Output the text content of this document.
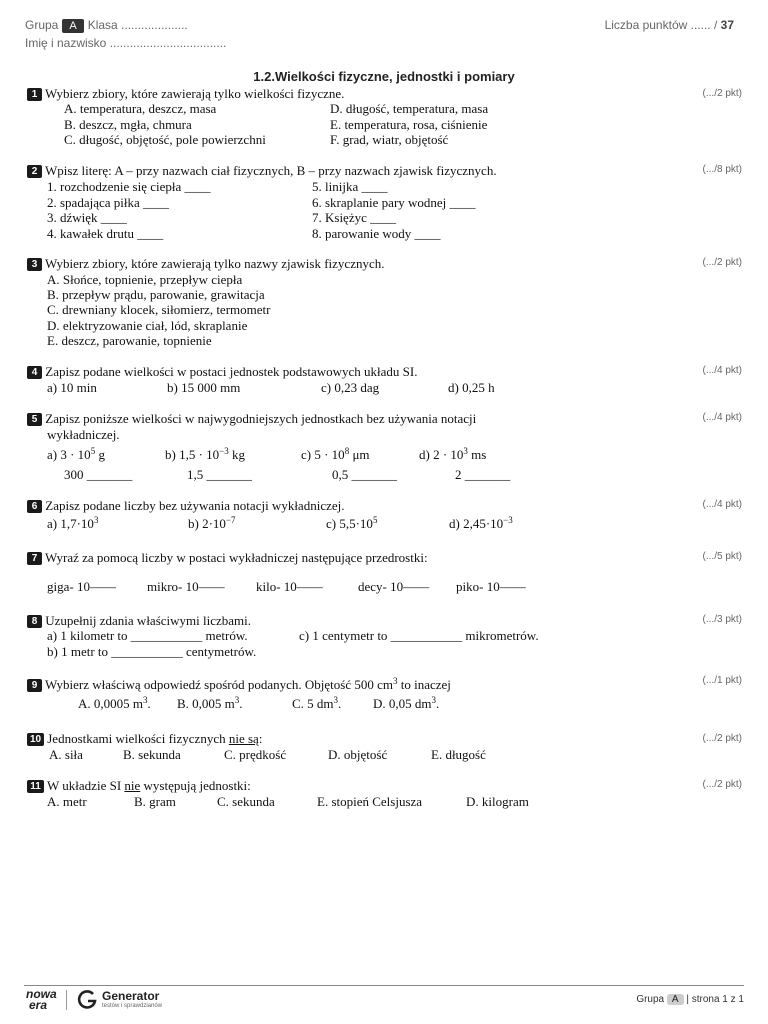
Grupa A Klasa ....................
Imię i nazwisko ...................................
Liczba punktów ...... / 37
1.2.Wielkości fizyczne, jednostki i pomiary
1 Wybierz zbiory, które zawierają tylko wielkości fizyczne.	(.../2 pkt)
A. temperatura, deszcz, masa
B. deszcz, mgła, chmura
C. długość, objętość, pole powierzchni
D. długość, temperatura, masa
E. temperatura, rosa, ciśnienie
F. grad, wiatr, objętość
2 Wpisz literę: A – przy nazwach ciał fizycznych, B – przy nazwach zjawisk fizycznych.	(.../8 pkt)
1. rozchodzenie się ciepła ____
2. spadająca piłka ____
3. dźwięk ____
4. kawałek drutu ____
5. linijka ____
6. skraplanie pary wodnej ____
7. Księżyc ____
8. parowanie wody ____
3 Wybierz zbiory, które zawierają tylko nazwy zjawisk fizycznych.	(.../2 pkt)
A. Słońce, topnienie, przepływ ciepła
B. przepływ prądu, parowanie, grawitacja
C. drewniany klocek, siłomierz, termometr
D. elektryzowanie ciał, lód, skraplanie
E. deszcz, parowanie, topnienie
4 Zapisz podane wielkości w postaci jednostek podstawowych układu SI.	(.../4 pkt)
a) 10 min	b) 15 000 mm	c) 0,23 dag	d) 0,25 h
5 Zapisz poniższe wielkości w najwygodniejszych jednostkach bez używania notacji
wykładniczej.
(.../4 pkt)
a) $3 \cdot 10^5$ g	b) $1,5 \cdot 10^{-3}$ kg	c) $5 \cdot 10^8$ μm	d) $2 \cdot 10^3$ ms
300 _______	1,5 _______	0,5 _______	2 _______
6 Zapisz podane liczby bez używania notacji wykładniczej.	(.../4 pkt)
a) $1,7\cdot 10^3$	b) $2\cdot 10^{-7}$	c) $5,5\cdot 10^5$	d) $2,45\cdot 10^{-3}$
7 Wyraź za pomocą liczby w postaci wykładniczej następujące przedrostki:	(.../5 pkt)
giga- 10—— mikro- 10—— kilo- 10——	decy- 10—— piko- 10——
8 Uzupełnij zdania właściwymi liczbami.	(.../3 pkt)
a) 1 kilometr to ___________ metrów.	c) 1 centymetr to ___________ mikrometrów.
b) 1 metr to ___________ centymetrów.
9 Wybierz właściwą odpowiedź spośród podanych. Objętość 500 $cm^3$ to inaczej	(.../1 pkt)
A. 0,0005 $m^3$. B. 0,005 $m^3$.	C. 5 $dm^3$. D. 0,05 $dm^3$.
10 Jednostkami wielkości fizycznych nie są:	(.../2 pkt)
A. siła	B. sekunda	C. prędkość	D. objętość	E. długość
11 W układzie SI nie występują jednostki:	(.../2 pkt)
A. metr	B. gram	C. sekunda	E. stopień Celsjusza	D. kilogram
nowa
era
Generator
testów i sprawdzianów
Grupa A | strona 1 z 1
